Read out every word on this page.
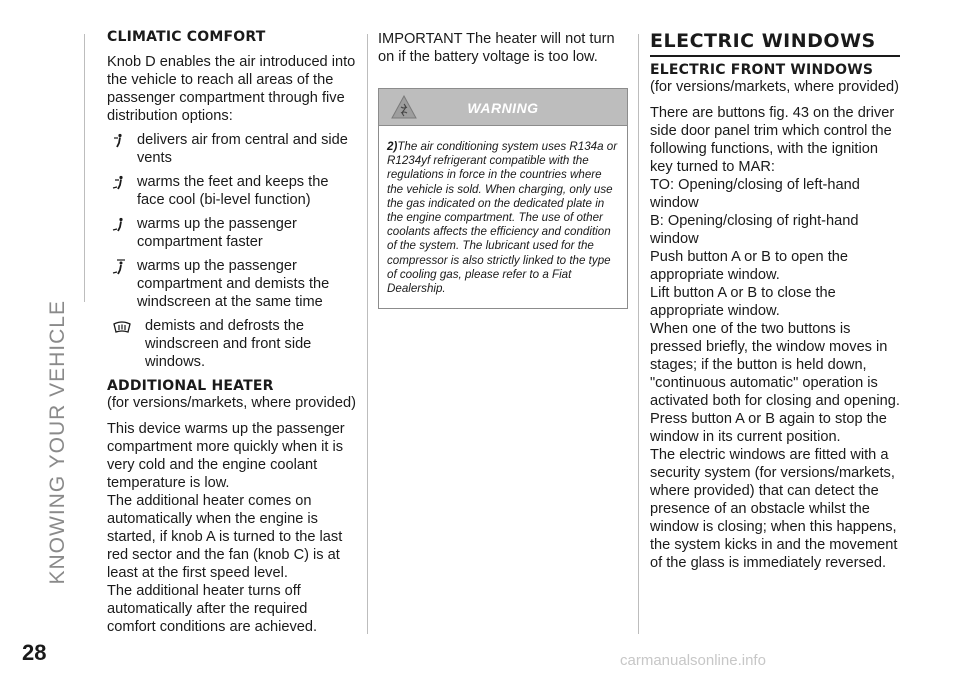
KNOWING YOUR VEHICLE
28	carmanualsonline.info
CLIMATIC COMFORT

Knob D enables the air introduced into the vehicle to reach all areas of the passenger compartment through five distribution options:

delivers air from central and side vents
warms the feet and keeps the face cool (bi-level function)
warms up the passenger compartment faster
warms up the passenger compartment and demists the windscreen at the same time
demists and defrosts the windscreen and front side windows.
ADDITIONAL HEATER

(for versions/markets, where provided)

This device warms up the passenger compartment more quickly when it is very cold and the engine coolant temperature is low.

The additional heater comes on automatically when the engine is started, if knob A is turned to the last red sector and the fan (knob C) is at least at the first speed level.

The additional heater turns off automatically after the required comfort conditions are achieved.

IMPORTANT The heater will not turn on if the battery voltage is too low.

WARNING

2)The air conditioning system uses R134a or R1234yf refrigerant compatible with the regulations in force in the countries where the vehicle is sold. When charging, only use the gas indicated on the dedicated plate in the engine compartment. The use of other coolants affects the efficiency and condition of the system. The lubricant used for the compressor is also strictly linked to the type of cooling gas, please refer to a Fiat Dealership.

ELECTRIC WINDOWS
ELECTRIC FRONT WINDOWS

(for versions/markets, where provided)

There are buttons fig. 43 on the driver side door panel trim which control the following functions, with the ignition key turned to MAR:

TO: Opening/closing of left-hand window

B: Opening/closing of right-hand window

Push button A or B to open the appropriate window.

Lift button A or B to close the appropriate window.

When one of the two buttons is pressed briefly, the window moves in stages; if the button is held down, "continuous automatic" operation is activated both for closing and opening.

Press button A or B again to stop the window in its current position.

The electric windows are fitted with a security system (for versions/markets, where provided) that can detect the presence of an obstacle whilst the window is closing; when this happens, the system kicks in and the movement of the glass is immediately reversed.
